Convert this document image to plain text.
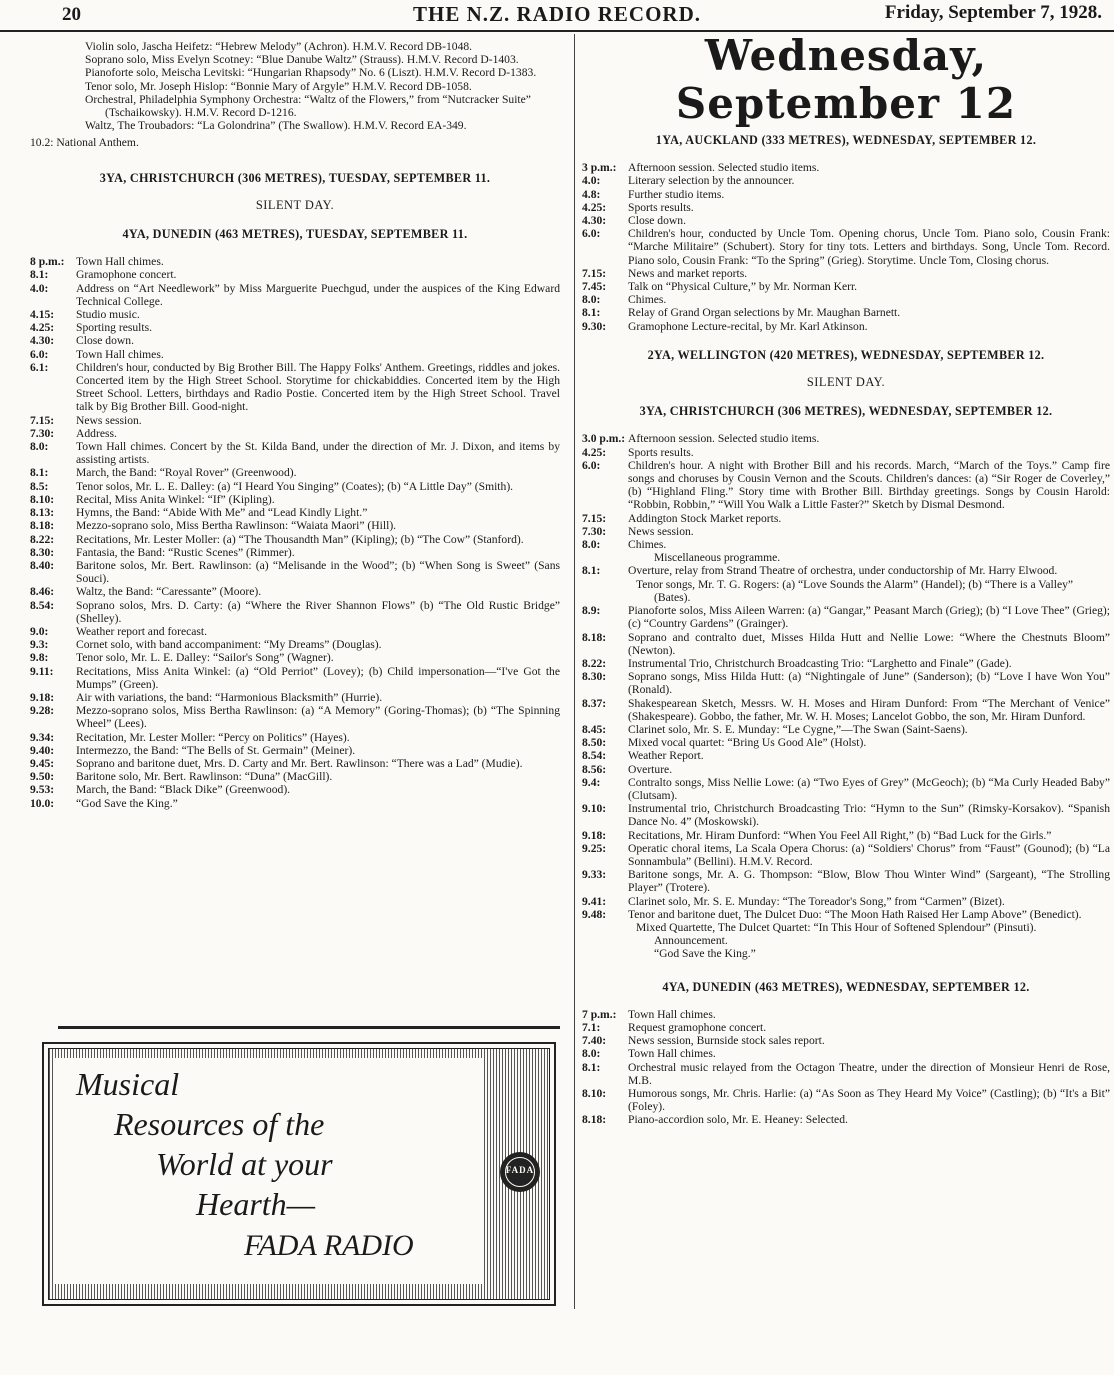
20	THE N.Z. RADIO RECORD.	Friday, September 7, 1928.
Violin solo, Jascha Heifetz: “Hebrew Melody” (Achron). H.M.V. Record DB-1048.
Soprano solo, Miss Evelyn Scotney: “Blue Danube Waltz” (Strauss). H.M.V. Record D-1403.
Pianoforte solo, Meischa Levitski: “Hungarian Rhapsody” No. 6 (Liszt). H.M.V. Record D-1383.
Tenor solo, Mr. Joseph Hislop: “Bonnie Mary of Argyle” H.M.V. Record DB-1058.
Orchestral, Philadelphia Symphony Orchestra: “Waltz of the Flowers,” from “Nutcracker Suite” (Tschaikowsky). H.M.V. Record D-1216.
Waltz, The Troubadors: “La Golondrina” (The Swallow). H.M.V. Record EA-349.
10.2: National Anthem.
3YA, CHRISTCHURCH (306 METRES), TUESDAY, SEPTEMBER 11.
SILENT DAY.
4YA, DUNEDIN (463 METRES), TUESDAY, SEPTEMBER 11.
8 p.m.: Town Hall chimes.
8.1:	Gramophone concert.
4.0:	Address on “Art Needlework” by Miss Marguerite Puechgud, under the auspices of the King Edward Technical College.
4.15:	Studio music.
4.25:	Sporting results.
4.30:	Close down.
6.0:	Town Hall chimes.
6.1:	Children's hour, conducted by Big Brother Bill. The Happy Folks' Anthem. Greetings, riddles and jokes. Concerted item by the High Street School. Storytime for chickabiddies. Concerted item by the High Street School. Letters, birthdays and Radio Postie. Concerted item by the High Street School. Travel talk by Big Brother Bill. Good-night.
7.15:	News session.
7.30:	Address.
8.0:	Town Hall chimes. Concert by the St. Kilda Band, under the direction of Mr. J. Dixon, and items by assisting artists.
8.1:	March, the Band: “Royal Rover” (Greenwood).
8.5:	Tenor solos, Mr. L. E. Dalley: (a) “I Heard You Singing” (Coates); (b) “A Little Day” (Smith).
8.10:	Recital, Miss Anita Winkel: “If” (Kipling).
8.13:	Hymns, the Band: “Abide With Me” and “Lead Kindly Light.”
8.18:	Mezzo-soprano solo, Miss Bertha Rawlinson: “Waiata Maori” (Hill).
8.22:	Recitations, Mr. Lester Moller: (a) “The Thousandth Man” (Kipling); (b) “The Cow” (Stanford).
8.30:	Fantasia, the Band: “Rustic Scenes” (Rimmer).
8.40:	Baritone solos, Mr. Bert. Rawlinson: (a) “Melisande in the Wood”; (b) “When Song is Sweet” (Sans Souci).
8.46:	Waltz, the Band: “Caressante” (Moore).
8.54:	Soprano solos, Mrs. D. Carty: (a) “Where the River Shannon Flows” (b) “The Old Rustic Bridge” (Shelley).
9.0:	Weather report and forecast.
9.3:	Cornet solo, with band accompaniment: “My Dreams” (Douglas).
9.8:	Tenor solo, Mr. L. E. Dalley: “Sailor's Song” (Wagner).
9.11:	Recitations, Miss Anita Winkel: (a) “Old Perriot” (Lovey); (b) Child impersonation—“I've Got the Mumps” (Green).
9.18:	Air with variations, the band: “Harmonious Blacksmith” (Hurrie).
9.28:	Mezzo-soprano solos, Miss Bertha Rawlinson: (a) “A Memory” (Goring-Thomas); (b) “The Spinning Wheel” (Lees).
9.34:	Recitation, Mr. Lester Moller: “Percy on Politics” (Hayes).
9.40:	Intermezzo, the Band: “The Bells of St. Germain” (Meiner).
9.45:	Soprano and baritone duet, Mrs. D. Carty and Mr. Bert. Rawlinson: “There was a Lad” (Mudie).
9.50:	Baritone solo, Mr. Bert. Rawlinson: “Duna” (MacGill).
9.53:	March, the Band: “Black Dike” (Greenwood).
10.0:	“God Save the King.”
Musical
Resources of the
World at your
Hearth—
FADA RADIO
FADA
Wednesday, September 12
1YA, AUCKLAND (333 METRES), WEDNESDAY, SEPTEMBER 12.
3 p.m.: Afternoon session. Selected studio items.
4.0:	Literary selection by the announcer.
4.8:	Further studio items.
4.25:	Sports results.
4.30:	Close down.
6.0:	Children's hour, conducted by Uncle Tom. Opening chorus, Uncle Tom. Piano solo, Cousin Frank: “Marche Militaire” (Schubert). Story for tiny tots. Letters and birthdays. Song, Uncle Tom. Record. Piano solo, Cousin Frank: “To the Spring” (Grieg). Storytime. Uncle Tom, Closing chorus.
7.15:	News and market reports.
7.45:	Talk on “Physical Culture,” by Mr. Norman Kerr.
8.0:	Chimes.
8.1:	Relay of Grand Organ selections by Mr. Maughan Barnett.
9.30:	Gramophone Lecture-recital, by Mr. Karl Atkinson.
2YA, WELLINGTON (420 METRES), WEDNESDAY, SEPTEMBER 12.
SILENT DAY.
3YA, CHRISTCHURCH (306 METRES), WEDNESDAY, SEPTEMBER 12.
3.0 p.m.: Afternoon session. Selected studio items.
4.25:	Sports results.
6.0:	Children's hour. A night with Brother Bill and his records. March, “March of the Toys.” Camp fire songs and choruses by Cousin Vernon and the Scouts. Children's dances: (a) “Sir Roger de Coverley,” (b) “Highland Fling.” Story time with Brother Bill. Birthday greetings. Songs by Cousin Harold: “Robbin, Robbin,” “Will You Walk a Little Faster?” Sketch by Dismal Desmond.
7.15:	Addington Stock Market reports.
7.30:	News session.
8.0:	Chimes.
Miscellaneous programme.
8.1:	Overture, relay from Strand Theatre of orchestra, under conductorship of Mr. Harry Elwood.
Tenor songs, Mr. T. G. Rogers: (a) “Love Sounds the Alarm” (Handel); (b) “There is a Valley” (Bates).
8.9:	Pianoforte solos, Miss Aileen Warren: (a) “Gangar,” Peasant March (Grieg); (b) “I Love Thee” (Grieg); (c) “Country Gardens” (Grainger).
8.18:	Soprano and contralto duet, Misses Hilda Hutt and Nellie Lowe: “Where the Chestnuts Bloom” (Newton).
8.22:	Instrumental Trio, Christchurch Broadcasting Trio: “Larghetto and Finale” (Gade).
8.30:	Soprano songs, Miss Hilda Hutt: (a) “Nightingale of June” (Sanderson); (b) “Love I have Won You” (Ronald).
8.37:	Shakespearean Sketch, Messrs. W. H. Moses and Hiram Dunford: From “The Merchant of Venice” (Shakespeare). Gobbo, the father, Mr. W. H. Moses; Lancelot Gobbo, the son, Mr. Hiram Dunford.
8.45:	Clarinet solo, Mr. S. E. Munday: “Le Cygne,”—The Swan (Saint-Saens).
8.50:	Mixed vocal quartet: “Bring Us Good Ale” (Holst).
8.54:	Weather Report.
8.56:	Overture.
9.4:	Contralto songs, Miss Nellie Lowe: (a) “Two Eyes of Grey” (McGeoch); (b) “Ma Curly Headed Baby” (Clutsam).
9.10:	Instrumental trio, Christchurch Broadcasting Trio: “Hymn to the Sun” (Rimsky-Korsakov). “Spanish Dance No. 4” (Moskowski).
9.18:	Recitations, Mr. Hiram Dunford: “When You Feel All Right,” (b) “Bad Luck for the Girls.”
9.25:	Operatic choral items, La Scala Opera Chorus: (a) “Soldiers' Chorus” from “Faust” (Gounod); (b) “La Sonnambula” (Bellini). H.M.V. Record.
9.33:	Baritone songs, Mr. A. G. Thompson: “Blow, Blow Thou Winter Wind” (Sargeant), “The Strolling Player” (Trotere).
9.41:	Clarinet solo, Mr. S. E. Munday: “The Toreador's Song,” from “Carmen” (Bizet).
9.48:	Tenor and baritone duet, The Dulcet Duo: “The Moon Hath Raised Her Lamp Above” (Benedict).
Mixed Quartette, The Dulcet Quartet: “In This Hour of Softened Splendour” (Pinsuti).
Announcement.
“God Save the King.”
4YA, DUNEDIN (463 METRES), WEDNESDAY, SEPTEMBER 12.
7 p.m.: Town Hall chimes.
7.1:	Request gramophone concert.
7.40:	News session, Burnside stock sales report.
8.0:	Town Hall chimes.
8.1:	Orchestral music relayed from the Octagon Theatre, under the direction of Monsieur Henri de Rose, M.B.
8.10:	Humorous songs, Mr. Chris. Harlie: (a) “As Soon as They Heard My Voice” (Castling); (b) “It's a Bit” (Foley).
8.18:	Piano-accordion solo, Mr. E. Heaney: Selected.
